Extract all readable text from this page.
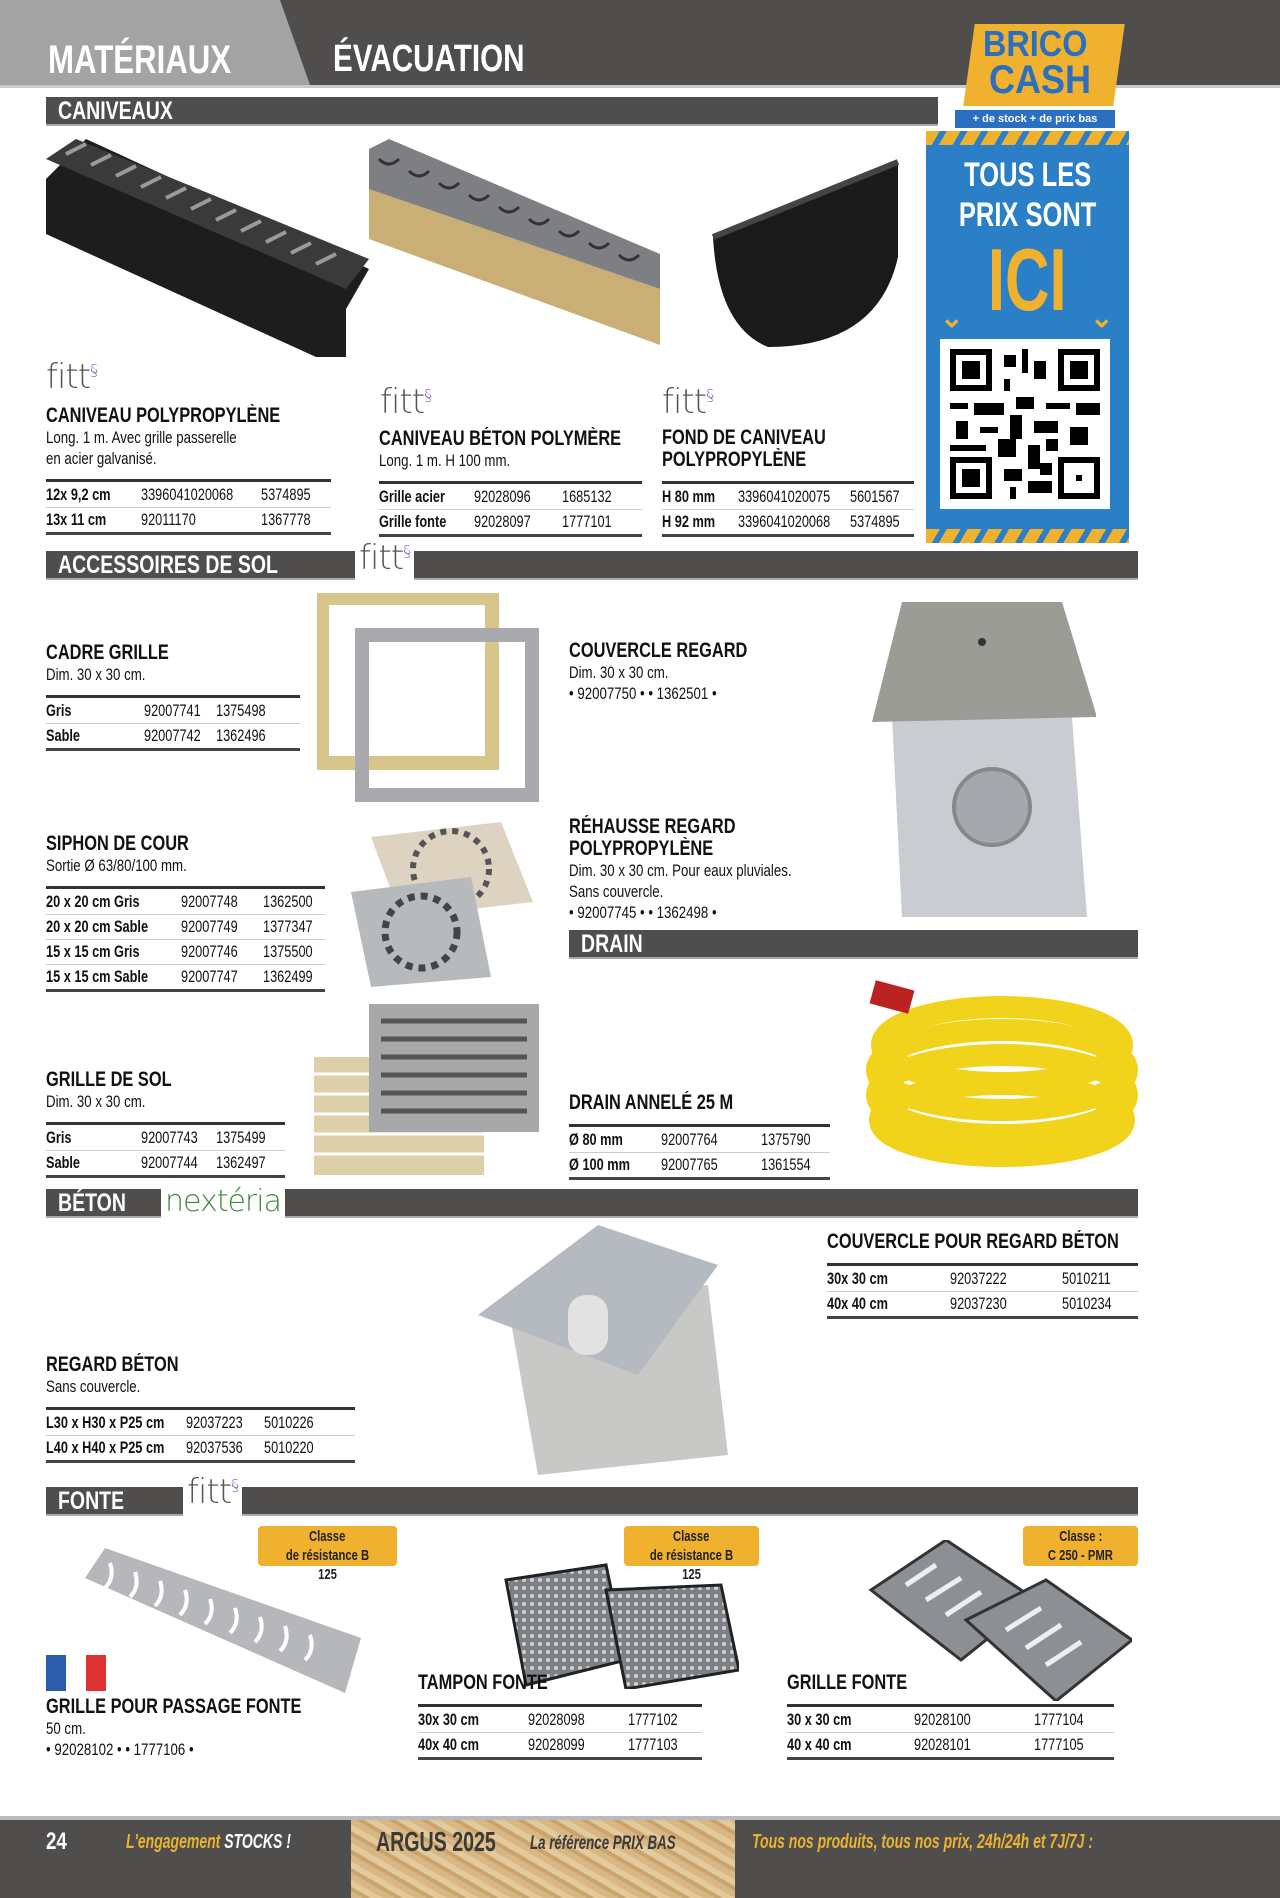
MATÉRIAUX	ÉVACUATION	BRICO
CASH
+ de stock + de prix bas
TOUS LES
PRIX SONT
ICI
⌄	⌄
CANIVEAUX
ACCESSOIRES DE SOL	fitt§
DRAIN
BÉTON	nextéria
FONTE	fitt§
fitt§
fitt§	fitt§
Classe
de résistance B 125
Classe
de résistance B 125
Classe :
C 250 - PMR
CANIVEAU POLYPROPYLÈNE
Long. 1 m. Avec grille passerelle
en acier galvanisé.
12x 9,2 cm	3396041020068	5374895
13x 11 cm	92011170	1367778
CANIVEAU BÉTON POLYMÈRE
Long. 1 m. H 100 mm.
Grille acier	92028096	1685132
Grille fonte	92028097	1777101
FOND DE CANIVEAU
POLYPROPYLÈNE
H 80 mm	3396041020075	5601567
H 92 mm	3396041020068	5374895
CADRE GRILLE
Dim. 30 x 30 cm.
Gris	92007741 1375498
Sable	92007742 1362496
COUVERCLE REGARD
Dim. 30 x 30 cm.
• 92007750 • • 1362501 •
SIPHON DE COUR
Sortie Ø 63/80/100 mm.
20 x 20 cm Gris	92007748	1362500
20 x 20 cm Sable	92007749	1377347
15 x 15 cm Gris	92007746	1375500
15 x 15 cm Sable	92007747	1362499
RÉHAUSSE REGARD
POLYPROPYLÈNE
Dim. 30 x 30 cm. Pour eaux pluviales.
Sans couvercle.
• 92007745 • • 1362498 •
GRILLE DE SOL
Dim. 30 x 30 cm.
Gris	92007743	1375499
Sable	92007744	1362497
DRAIN ANNELÉ 25 M
Ø 80 mm	92007764	1375790
Ø 100 mm	92007765	1361554
COUVERCLE POUR REGARD BÉTON
30x 30 cm	92037222	5010211
40x 40 cm	92037230	5010234
REGARD BÉTON
Sans couvercle.
L30 x H30 x P25 cm	92037223	5010226
L40 x H40 x P25 cm	92037536	5010220
GRILLE POUR PASSAGE FONTE
50 cm.
• 92028102 • • 1777106 •
TAMPON FONTE
30x 30 cm	92028098	1777102
40x 40 cm	92028099	1777103
GRILLE FONTE
30 x 30 cm	92028100	1777104
40 x 40 cm	92028101	1777105
24	L'engagement STOCKS !	ARGUS 2025	La référence PRIX BAS	Tous nos produits, tous nos prix, 24h/24h et 7J/7J :
